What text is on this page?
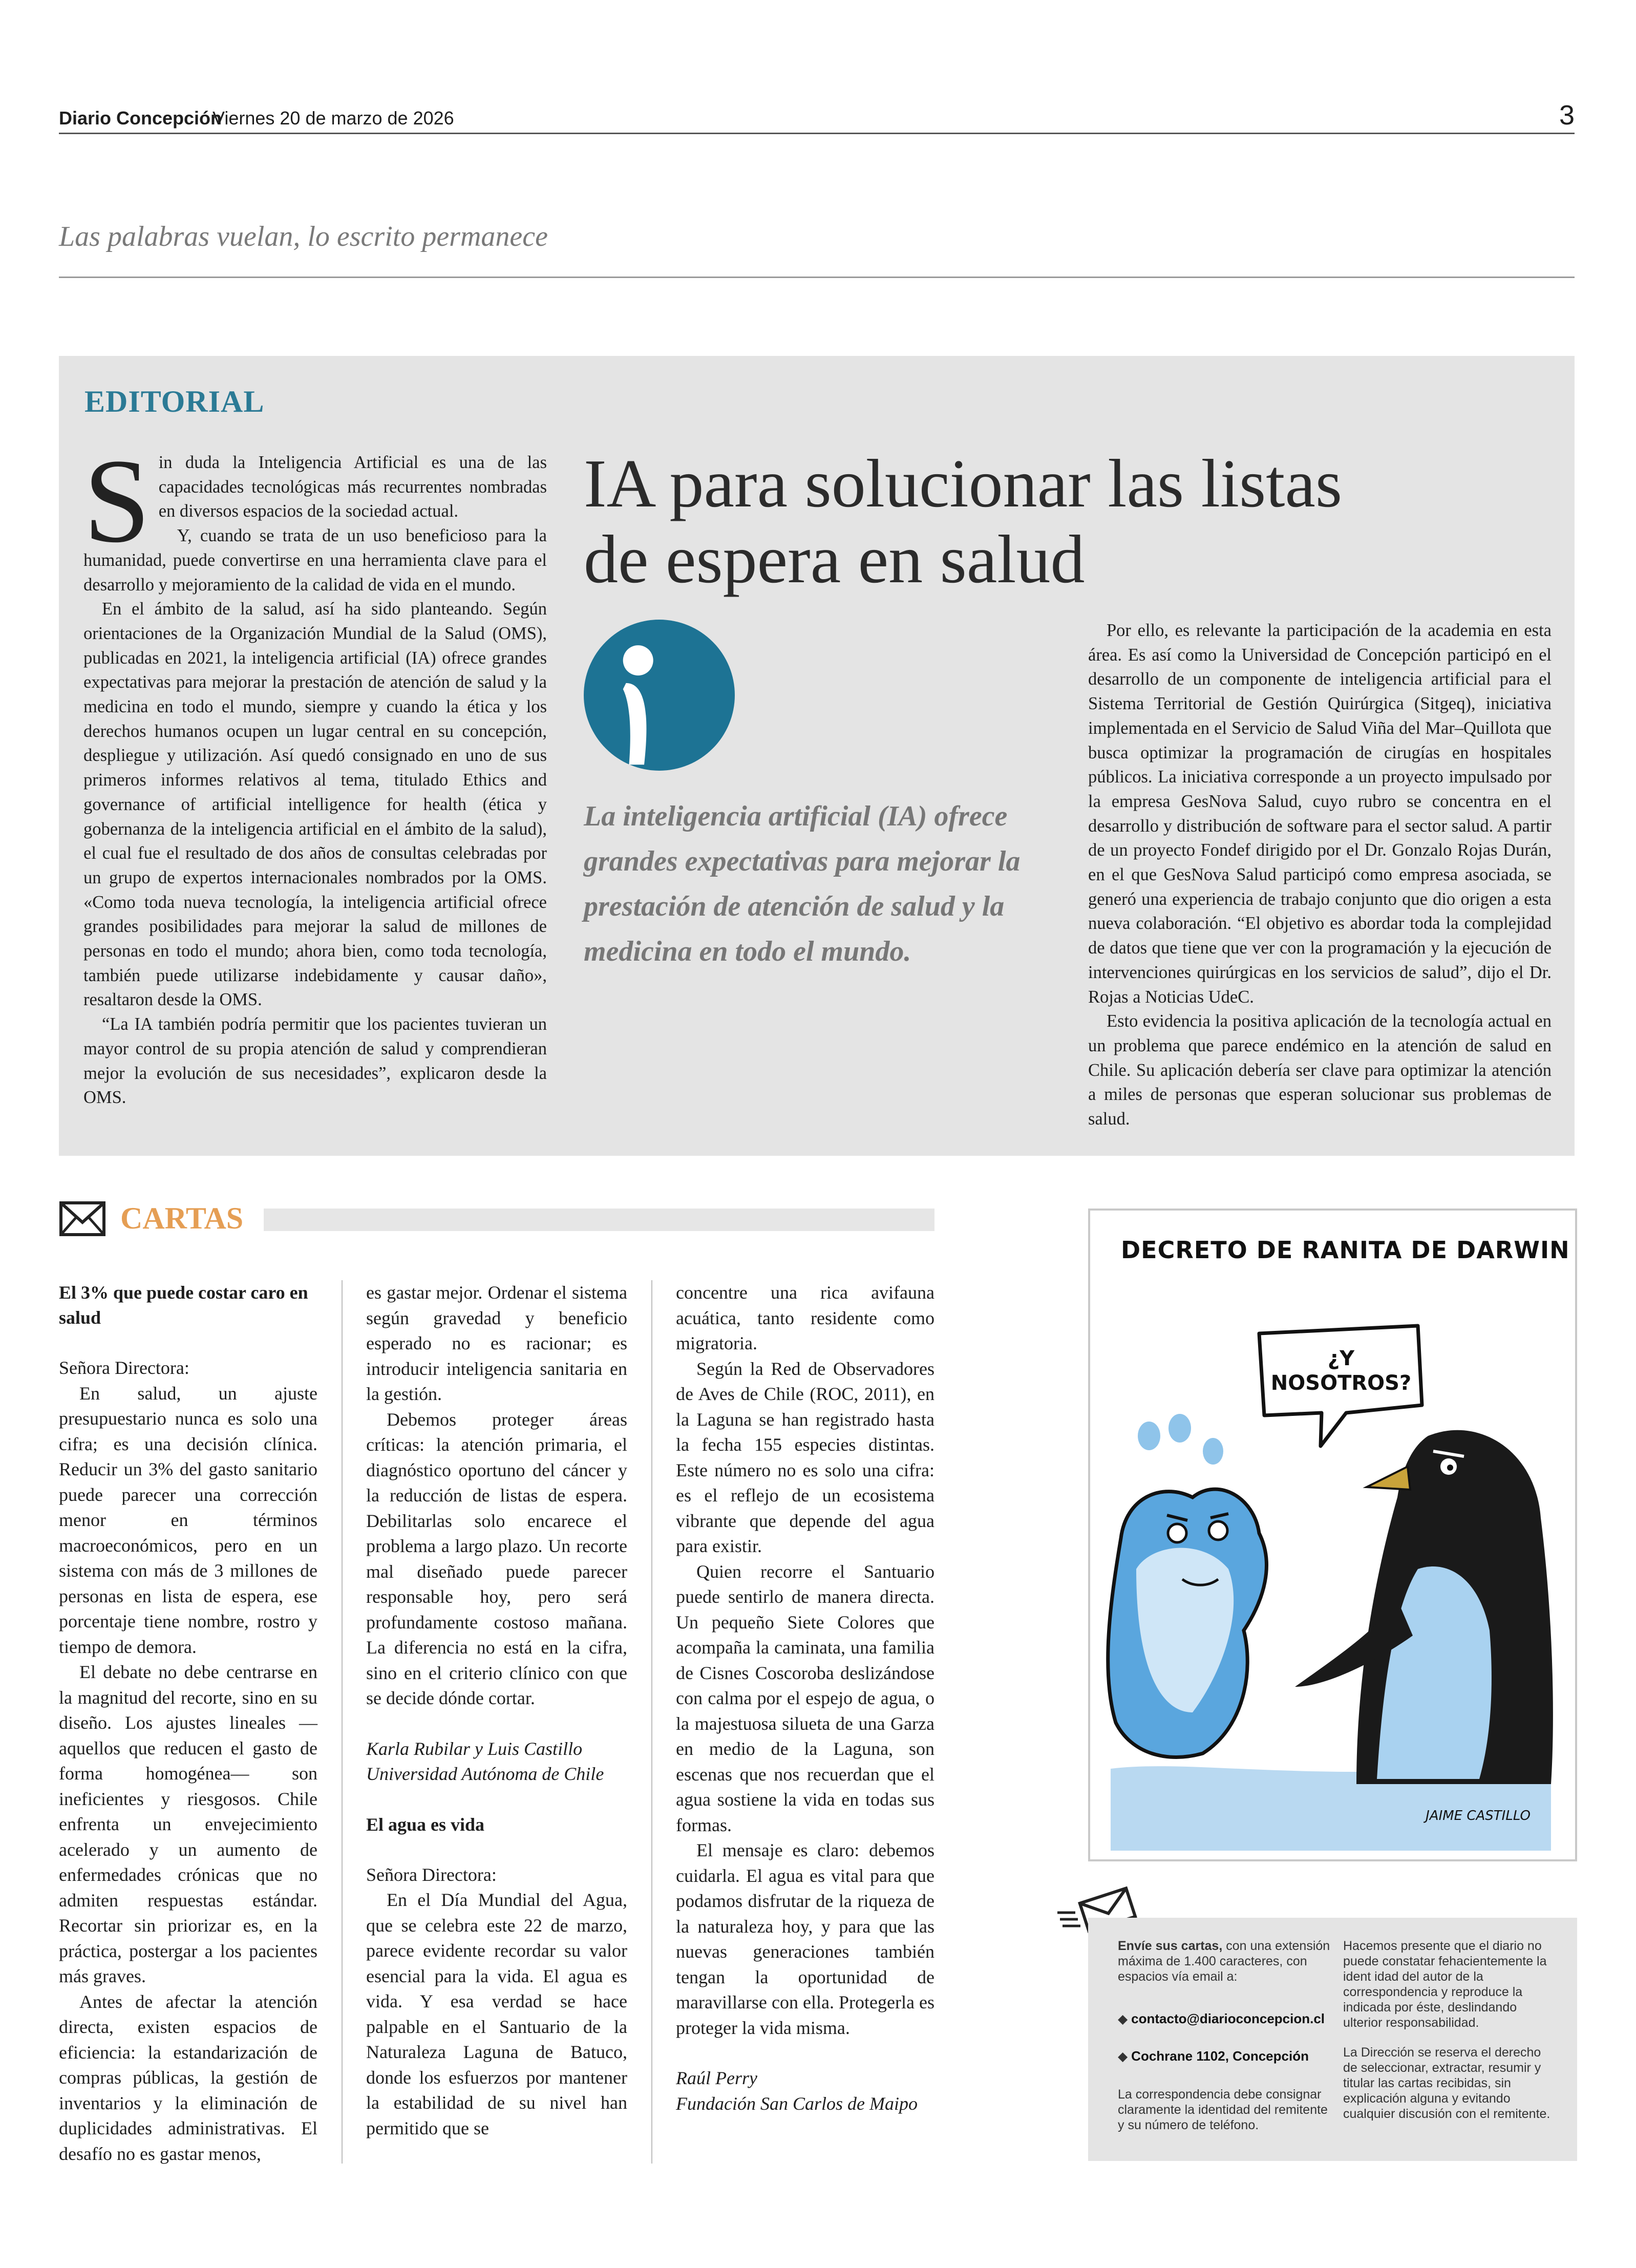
Diario Concepción
Viernes 20 de marzo de 2026	3
Las palabras vuelan, lo escrito permanece
EDITORIAL
S in duda la Inteligencia Artificial es una de las capacidades tecnológicas más recurrentes nombradas en diversos espacios de la sociedad actual.

Y, cuando se trata de un uso beneficioso para la humanidad, puede convertirse en una herramienta clave para el desarrollo y mejoramiento de la calidad de vida en el mundo.

En el ámbito de la salud, así ha sido planteando. Según orientaciones de la Organización Mundial de la Salud (OMS), publicadas en 2021, la inteligencia artificial (IA) ofrece grandes expectativas para mejorar la prestación de atención de salud y la medicina en todo el mundo, siempre y cuando la ética y los derechos humanos ocupen un lugar central en su concepción, despliegue y utilización. Así quedó consignado en uno de sus primeros informes relativos al tema, titulado Ethics and governance of artificial intelligence for health (ética y gobernanza de la inteligencia artificial en el ámbito de la salud), el cual fue el resultado de dos años de consultas celebradas por un grupo de expertos internacionales nombrados por la OMS. «Como toda nueva tecnología, la inteligencia artificial ofrece grandes posibilidades para mejorar la salud de millones de personas en todo el mundo; ahora bien, como toda tecnología, también puede utilizarse indebidamente y causar daño», resaltaron desde la OMS.

“La IA también podría permitir que los pacientes tuvieran un mayor control de su propia atención de salud y comprendieran mejor la evolución de sus necesidades”, explicaron desde la OMS.

IA para solucionar las listas de espera en salud
La inteligencia artificial (IA) ofrece grandes expectativas para mejorar la prestación de atención de salud y la medicina en todo el mundo.

Por ello, es relevante la participación de la academia en esta área. Es así como la Universidad de Concepción participó en el desarrollo de un componente de inteligencia artificial para el Sistema Territorial de Gestión Quirúrgica (Sitgeq), iniciativa implementada en el Servicio de Salud Viña del Mar–Quillota que busca optimizar la programación de cirugías en hospitales públicos. La iniciativa corresponde a un proyecto impulsado por la empresa GesNova Salud, cuyo rubro se concentra en el desarrollo y distribución de software para el sector salud. A partir de un proyecto Fondef dirigido por el Dr. Gonzalo Rojas Durán, en el que GesNova Salud participó como empresa asociada, se generó una experiencia de trabajo conjunto que dio origen a esta nueva colaboración. “El objetivo es abordar toda la complejidad de datos que tiene que ver con la programación y la ejecución de intervenciones quirúrgicas en los servicios de salud”, dijo el Dr. Rojas a Noticias UdeC.

Esto evidencia la positiva aplicación de la tecnología actual en un problema que parece endémico en la atención de salud en Chile. Su aplicación debería ser clave para optimizar la atención a miles de personas que esperan solucionar sus problemas de salud.

CARTAS
El 3% que puede costar caro en salud

Señora Directora:

En salud, un ajuste presupuestario nunca es solo una cifra; es una decisión clínica. Reducir un 3% del gasto sanitario puede parecer una corrección menor en términos macroeconómicos, pero en un sistema con más de 3 millones de personas en lista de espera, ese porcentaje tiene nombre, rostro y tiempo de demora.

El debate no debe centrarse en la magnitud del recorte, sino en su diseño. Los ajustes lineales —aquellos que reducen el gasto de forma homogénea— son ineficientes y riesgosos. Chile enfrenta un envejecimiento acelerado y un aumento de enfermedades crónicas que no admiten respuestas estándar. Recortar sin priorizar es, en la práctica, postergar a los pacientes más graves.

Antes de afectar la atención directa, existen espacios de eficiencia: la estandarización de compras públicas, la gestión de inventarios y la eliminación de duplicidades administrativas. El desafío no es gastar menos,

es gastar mejor. Ordenar el sistema según gravedad y beneficio esperado no es racionar; es introducir inteligencia sanitaria en la gestión.

Debemos proteger áreas críticas: la atención primaria, el diagnóstico oportuno del cáncer y la reducción de listas de espera. Debilitarlas solo encarece el problema a largo plazo. Un recorte mal diseñado puede parecer responsable hoy, pero será profundamente costoso mañana. La diferencia no está en la cifra, sino en el criterio clínico con que se decide dónde cortar.

Karla Rubilar y Luis Castillo

Universidad Autónoma de Chile

El agua es vida

Señora Directora:

En el Día Mundial del Agua, que se celebra este 22 de marzo, parece evidente recordar su valor esencial para la vida. El agua es vida. Y esa verdad se hace palpable en el Santuario de la Naturaleza Laguna de Batuco, donde los esfuerzos por mantener la estabilidad de su nivel han permitido que se

concentre una rica avifauna acuática, tanto residente como migratoria.

Según la Red de Observadores de Aves de Chile (ROC, 2011), en la Laguna se han registrado hasta la fecha 155 especies distintas. Este número no es solo una cifra: es el reflejo de un ecosistema vibrante que depende del agua para existir.

Quien recorre el Santuario puede sentirlo de manera directa. Un pequeño Siete Colores que acompaña la caminata, una familia de Cisnes Coscoroba deslizándose con calma por el espejo de agua, o la majestuosa silueta de una Garza en medio de la Laguna, son escenas que nos recuerdan que el agua sostiene la vida en todas sus formas.

El mensaje es claro: debemos cuidarla. El agua es vital para que podamos disfrutar de la riqueza de la naturaleza hoy, y para que las nuevas generaciones también tengan la oportunidad de maravillarse con ella. Protegerla es proteger la vida misma.

Raúl Perry

Fundación San Carlos de Maipo

DECRETO DE RANITA DE DARWIN
¿Y
NOSOTROS?
JAIME CASTILLO

Envíe sus cartas, con una extensión máxima de 1.400 caracteres, con espacios vía email a:

◆ contacto@diarioconcepcion.cl

◆ Cochrane 1102, Concepción

La correspondencia debe consignar claramente la identidad del remitente y su número de teléfono.

Hacemos presente que el diario no puede constatar fehacientemente la ident idad del autor de la correspondencia y reproduce la indicada por éste, deslindando ulterior responsabilidad.

La Dirección se reserva el derecho de seleccionar, extractar, resumir y titular las cartas recibidas, sin explicación alguna y evitando cualquier discusión con el remitente.
